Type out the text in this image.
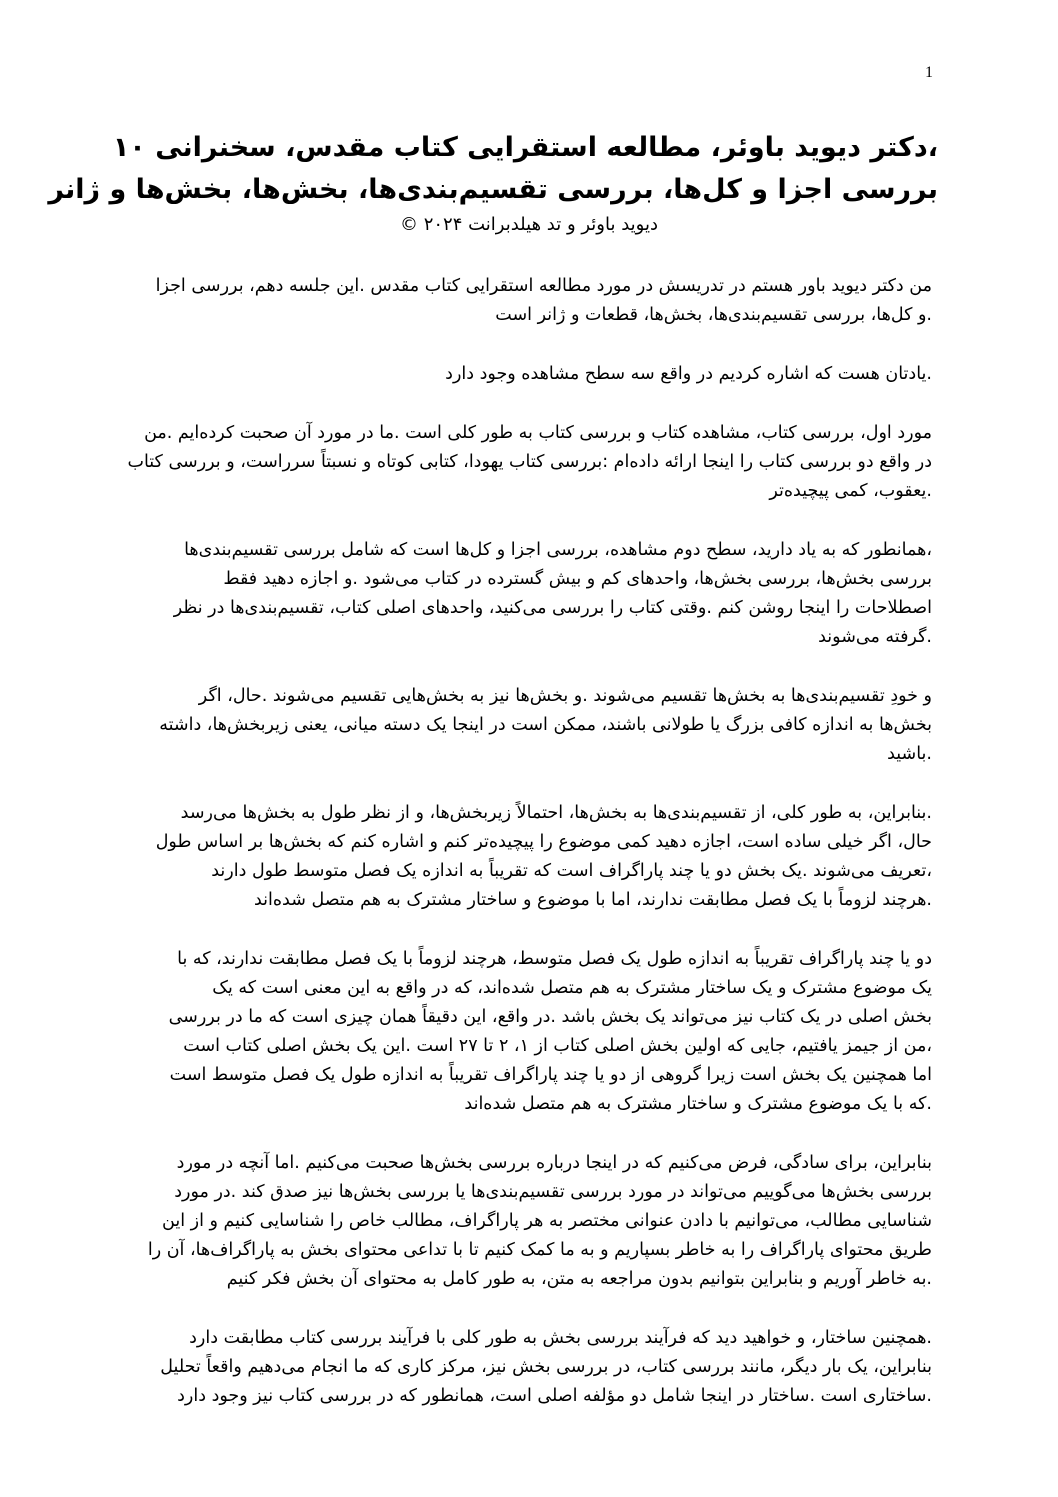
1
،دکتر دیوید باوئر، مطالعه استقرایی کتاب مقدس، سخنرانی ۱۰
بررسی اجزا و کل‌ها، بررسی تقسیم‌بندی‌ها، بخش‌ها، بخش‌ها و ژانر
دیوید باوئر و تد هیلدبرانت ۲۰۲۴ ©
من دکتر دیوید باور هستم در تدریسش در مورد مطالعه استقرایی کتاب مقدس .این جلسه دهم، بررسی اجزا
.و کل‌ها، بررسی تقسیم‌بندی‌ها، بخش‌ها، قطعات و ژانر است
.یادتان هست که اشاره کردیم در واقع سه سطح مشاهده وجود دارد
مورد اول، بررسی کتاب، مشاهده کتاب و بررسی کتاب به طور کلی است .ما در مورد آن صحبت کرده‌ایم .من
در واقع دو بررسی کتاب را اینجا ارائه داده‌ام :بررسی کتاب یهودا، کتابی کوتاه و نسبتاً سرراست، و بررسی کتاب
.یعقوب، کمی پیچیده‌تر
،همانطور که به یاد دارید، سطح دوم مشاهده، بررسی اجزا و کل‌ها است که شامل بررسی تقسیم‌بندی‌ها
بررسی بخش‌ها، بررسی بخش‌ها، واحدهای کم و بیش گسترده در کتاب می‌شود .و اجازه دهید فقط
اصطلاحات را اینجا روشن کنم .وقتی کتاب را بررسی می‌کنید، واحدهای اصلی کتاب، تقسیم‌بندی‌ها در نظر
.گرفته می‌شوند
و خودِ تقسیم‌بندی‌ها به بخش‌ها تقسیم می‌شوند .و بخش‌ها نیز به بخش‌هایی تقسیم می‌شوند .حال، اگر
بخش‌ها به اندازه کافی بزرگ یا طولانی باشند، ممکن است در اینجا یک دسته میانی، یعنی زیربخش‌ها، داشته
.باشید
.بنابراین، به طور کلی، از تقسیم‌بندی‌ها به بخش‌ها، احتمالاً زیربخش‌ها، و از نظر طول به بخش‌ها می‌رسد
حال، اگر خیلی ساده است، اجازه دهید کمی موضوع را پیچیده‌تر کنم و اشاره کنم که بخش‌ها بر اساس طول
،تعریف می‌شوند .یک بخش دو یا چند پاراگراف است که تقریباً به اندازه یک فصل متوسط طول دارند
.هرچند لزوماً با یک فصل مطابقت ندارند، اما با موضوع و ساختار مشترک به هم متصل شده‌اند
دو یا چند پاراگراف تقریباً به اندازه طول یک فصل متوسط، هرچند لزوماً با یک فصل مطابقت ندارند، که با
یک موضوع مشترک و یک ساختار مشترک به هم متصل شده‌اند، که در واقع به این معنی است که یک
بخش اصلی در یک کتاب نیز می‌تواند یک بخش باشد .در واقع، این دقیقاً همان چیزی است که ما در بررسی
،من از جیمز یافتیم، جایی که اولین بخش اصلی کتاب از ۱، ۲ تا ۲۷ است .این یک بخش اصلی کتاب است
اما همچنین یک بخش است زیرا گروهی از دو یا چند پاراگراف تقریباً به اندازه طول یک فصل متوسط است
.که با یک موضوع مشترک و ساختار مشترک به هم متصل شده‌اند
بنابراین، برای سادگی، فرض می‌کنیم که در اینجا درباره بررسی بخش‌ها صحبت می‌کنیم .اما آنچه در مورد
بررسی بخش‌ها می‌گوییم می‌تواند در مورد بررسی تقسیم‌بندی‌ها یا بررسی بخش‌ها نیز صدق کند .در مورد
شناسایی مطالب، می‌توانیم با دادن عنوانی مختصر به هر پاراگراف، مطالب خاص را شناسایی کنیم و از این
طریق محتوای پاراگراف را به خاطر بسپاریم و به ما کمک کنیم تا با تداعی محتوای بخش به پاراگراف‌ها، آن را
.به خاطر آوریم و بنابراین بتوانیم بدون مراجعه به متن، به طور کامل به محتوای آن بخش فکر کنیم
.همچنین ساختار، و خواهید دید که فرآیند بررسی بخش به طور کلی با فرآیند بررسی کتاب مطابقت دارد
بنابراین، یک بار دیگر، مانند بررسی کتاب، در بررسی بخش نیز، مرکز کاری که ما انجام می‌دهیم واقعاً تحلیل
.ساختاری است .ساختار در اینجا شامل دو مؤلفه اصلی است، همانطور که در بررسی کتاب نیز وجود دارد
